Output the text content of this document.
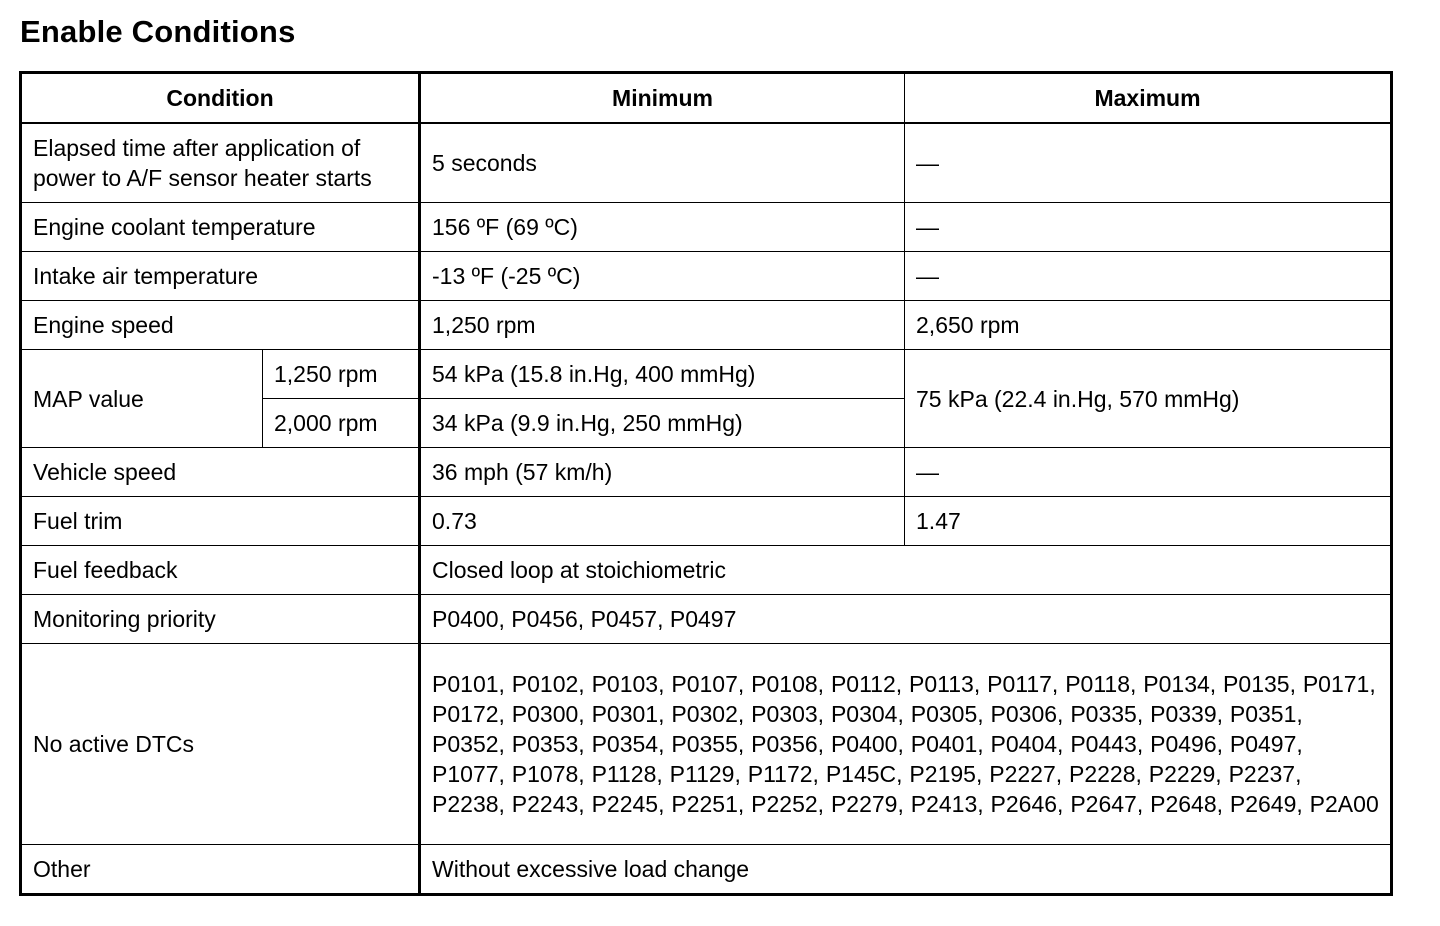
Enable Conditions
Condition		Minimum	Maximum
Elapsed time after application of power to A/F sensor heater starts		5 seconds	—
Engine coolant temperature		156 ºF (69 ºC)	—
Intake air temperature		-13 ºF (-25 ºC)	—
Engine speed		1,250 rpm	2,650 rpm
MAP value	1,250 rpm	54 kPa (15.8 in.Hg, 400 mmHg)	75 kPa (22.4 in.Hg, 570 mmHg)
	2,000 rpm	34 kPa (9.9 in.Hg, 250 mmHg)	
Vehicle speed		36 mph (57 km/h)	—
Fuel trim		0.73	1.47
Fuel feedback		Closed loop at stoichiometric	
Monitoring priority		P0400, P0456, P0457, P0497	
No active DTCs		P0101, P0102, P0103, P0107, P0108, P0112, P0113, P0117, P0118, P0134, P0135, P0171, P0172, P0300, P0301, P0302, P0303, P0304, P0305, P0306, P0335, P0339, P0351, P0352, P0353, P0354, P0355, P0356, P0400, P0401, P0404, P0443, P0496, P0497, P1077, P1078, P1128, P1129, P1172, P145C, P2195, P2227, P2228, P2229, P2237, P2238, P2243, P2245, P2251, P2252, P2279, P2413, P2646, P2647, P2648, P2649, P2A00	
Other		Without excessive load change	
